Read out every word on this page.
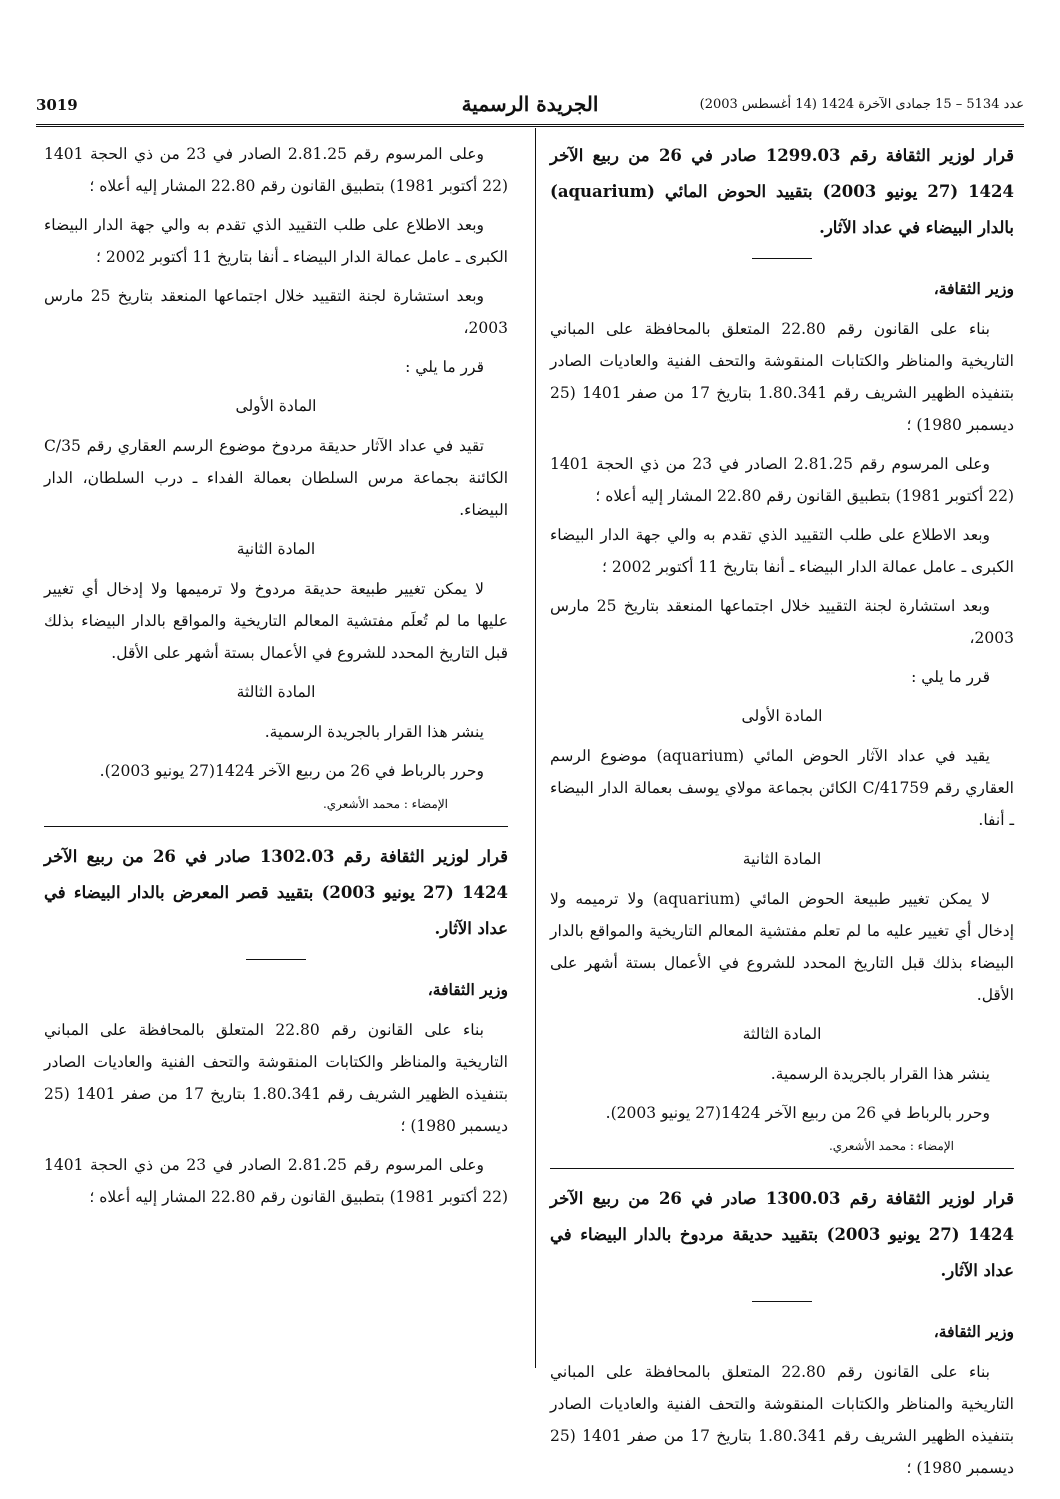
3019	الجريدة الرسمية	عدد 5134 – 15 جمادى الآخرة 1424 (14 أغسطس 2003)
قرار لوزير الثقافة رقم 1299.03 صادر في 26 من ربيع الآخر 1424 (27 يونيو 2003) بتقييد الحوض المائي (aquarium) بالدار البيضاء في عداد الآثار.

وزير الثقافة،

بناء على القانون رقم 22.80 المتعلق بالمحافظة على المباني التاريخية والمناظر والكتابات المنقوشة والتحف الفنية والعاديات الصادر بتنفيذه الظهير الشريف رقم 1.80.341 بتاريخ 17 من صفر 1401 (25 ديسمبر 1980) ؛

وعلى المرسوم رقم 2.81.25 الصادر في 23 من ذي الحجة 1401 (22 أكتوبر 1981) بتطبيق القانون رقم 22.80 المشار إليه أعلاه ؛

وبعد الاطلاع على طلب التقييد الذي تقدم به والي جهة الدار البيضاء الكبرى ـ عامل عمالة الدار البيضاء ـ أنفا بتاريخ 11 أكتوبر 2002 ؛

وبعد استشارة لجنة التقييد خلال اجتماعها المنعقد بتاريخ 25 مارس 2003،

قرر ما يلي :

المادة الأولى

يقيد في عداد الآثار الحوض المائي (aquarium) موضوع الرسم العقاري رقم 41759/C الكائن بجماعة مولاي يوسف بعمالة الدار البيضاء ـ أنفا.

المادة الثانية

لا يمكن تغيير طبيعة الحوض المائي (aquarium) ولا ترميمه ولا إدخال أي تغيير عليه ما لم تعلم مفتشية المعالم التاريخية والمواقع بالدار البيضاء بذلك قبل التاريخ المحدد للشروع في الأعمال بستة أشهر على الأقل.

المادة الثالثة

ينشر هذا القرار بالجريدة الرسمية.

وحرر بالرباط في 26 من ربيع الآخر 1424(27 يونيو 2003).

الإمضاء : محمد الأشعري.

قرار لوزير الثقافة رقم 1300.03 صادر في 26 من ربيع الآخر 1424 (27 يونيو 2003) بتقييد حديقة مردوخ بالدار البيضاء في عداد الآثار.

وزير الثقافة،

بناء على القانون رقم 22.80 المتعلق بالمحافظة على المباني التاريخية والمناظر والكتابات المنقوشة والتحف الفنية والعاديات الصادر بتنفيذه الظهير الشريف رقم 1.80.341 بتاريخ 17 من صفر 1401 (25 ديسمبر 1980) ؛

وعلى المرسوم رقم 2.81.25 الصادر في 23 من ذي الحجة 1401 (22 أكتوبر 1981) بتطبيق القانون رقم 22.80 المشار إليه أعلاه ؛

وبعد الاطلاع على طلب التقييد الذي تقدم به والي جهة الدار البيضاء الكبرى ـ عامل عمالة الدار البيضاء ـ أنفا بتاريخ 11 أكتوبر 2002 ؛

وبعد استشارة لجنة التقييد خلال اجتماعها المنعقد بتاريخ 25 مارس 2003،

قرر ما يلي :

المادة الأولى

تقيد في عداد الآثار حديقة مردوخ موضوع الرسم العقاري رقم 35/C الكائنة بجماعة مرس السلطان بعمالة الفداء ـ درب السلطان، الدار البيضاء.

المادة الثانية

لا يمكن تغيير طبيعة حديقة مردوخ ولا ترميمها ولا إدخال أي تغيير عليها ما لم تُعلَم مفتشية المعالم التاريخية والمواقع بالدار البيضاء بذلك قبل التاريخ المحدد للشروع في الأعمال بستة أشهر على الأقل.

المادة الثالثة

ينشر هذا القرار بالجريدة الرسمية.

وحرر بالرباط في 26 من ربيع الآخر 1424(27 يونيو 2003).

الإمضاء : محمد الأشعري.

قرار لوزير الثقافة رقم 1302.03 صادر في 26 من ربيع الآخر 1424 (27 يونيو 2003) بتقييد قصر المعرض بالدار البيضاء في عداد الآثار.

وزير الثقافة،

بناء على القانون رقم 22.80 المتعلق بالمحافظة على المباني التاريخية والمناظر والكتابات المنقوشة والتحف الفنية والعاديات الصادر بتنفيذه الظهير الشريف رقم 1.80.341 بتاريخ 17 من صفر 1401 (25 ديسمبر 1980) ؛

وعلى المرسوم رقم 2.81.25 الصادر في 23 من ذي الحجة 1401 (22 أكتوبر 1981) بتطبيق القانون رقم 22.80 المشار إليه أعلاه ؛
